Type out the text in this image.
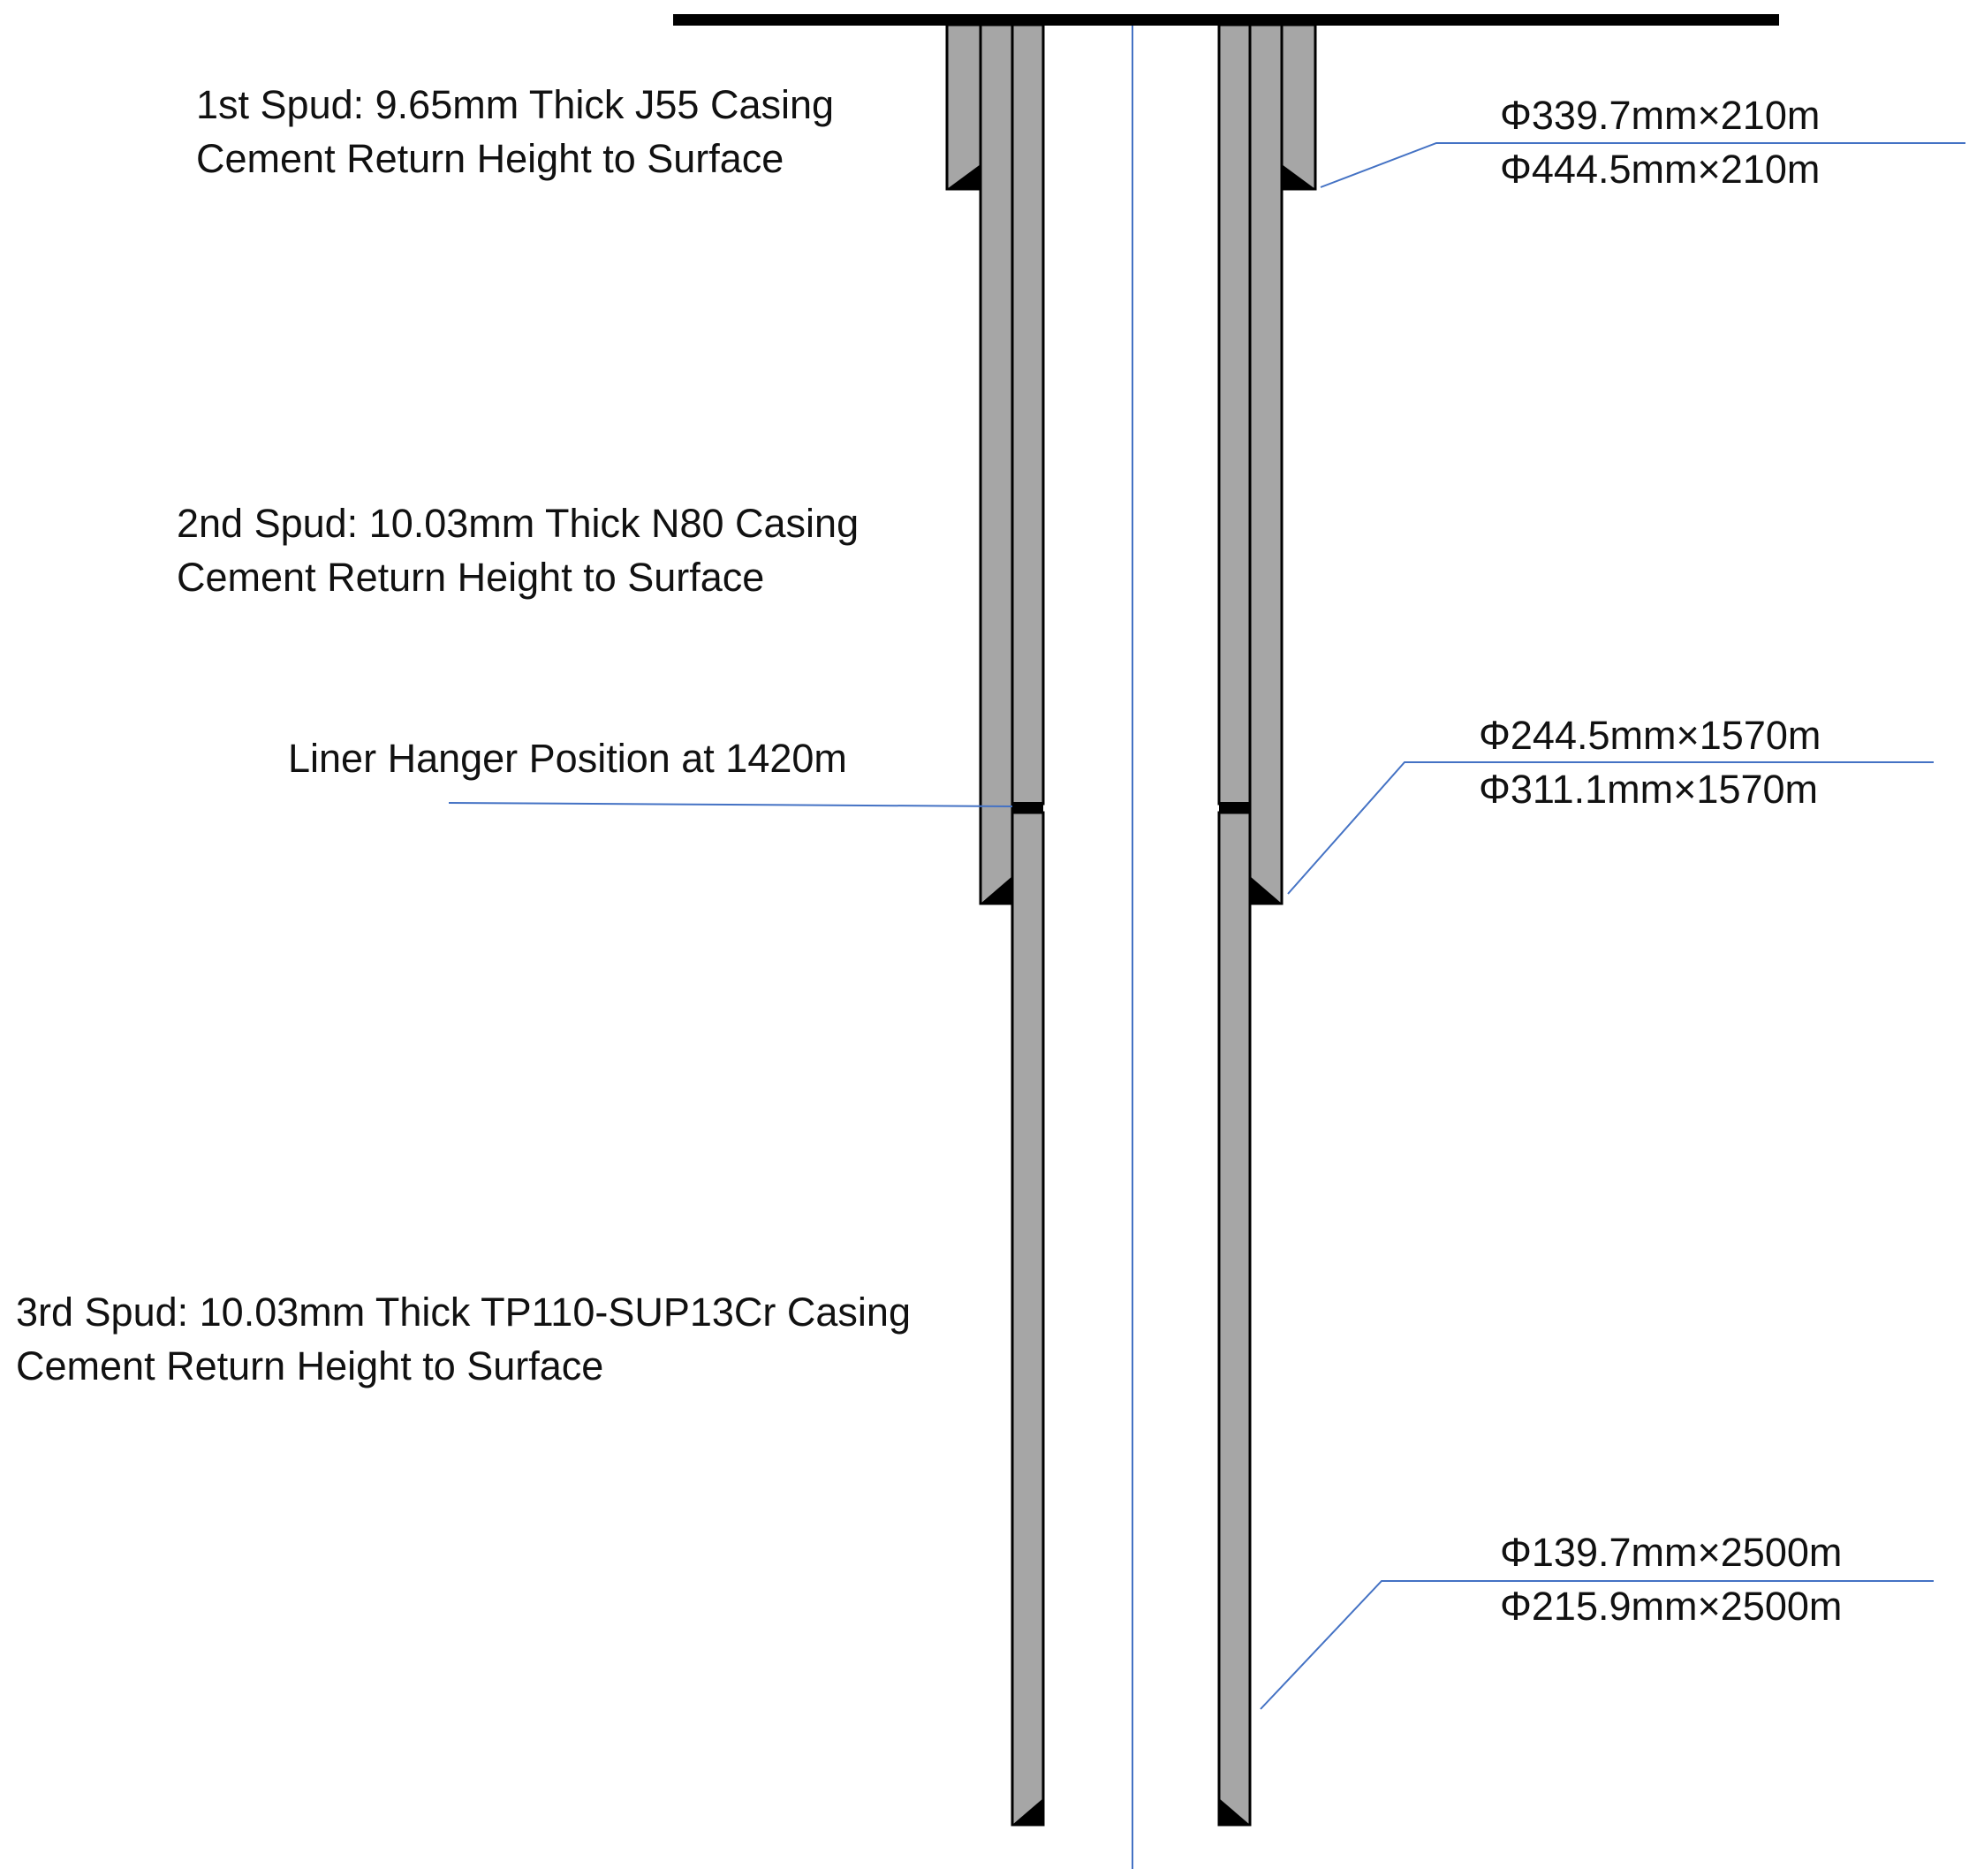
1st Spud: 9.65mm Thick J55 Casing
Cement Return Height to Surface
2nd Spud: 10.03mm Thick N80 Casing
Cement Return Height to Surface
Liner Hanger Position at 1420m
3rd Spud: 10.03mm Thick TP110-SUP13Cr Casing
Cement Return Height to Surface
Φ339.7mm×210m
Φ444.5mm×210m
Φ244.5mm×1570m
Φ311.1mm×1570m
Φ139.7mm×2500m
Φ215.9mm×2500m
